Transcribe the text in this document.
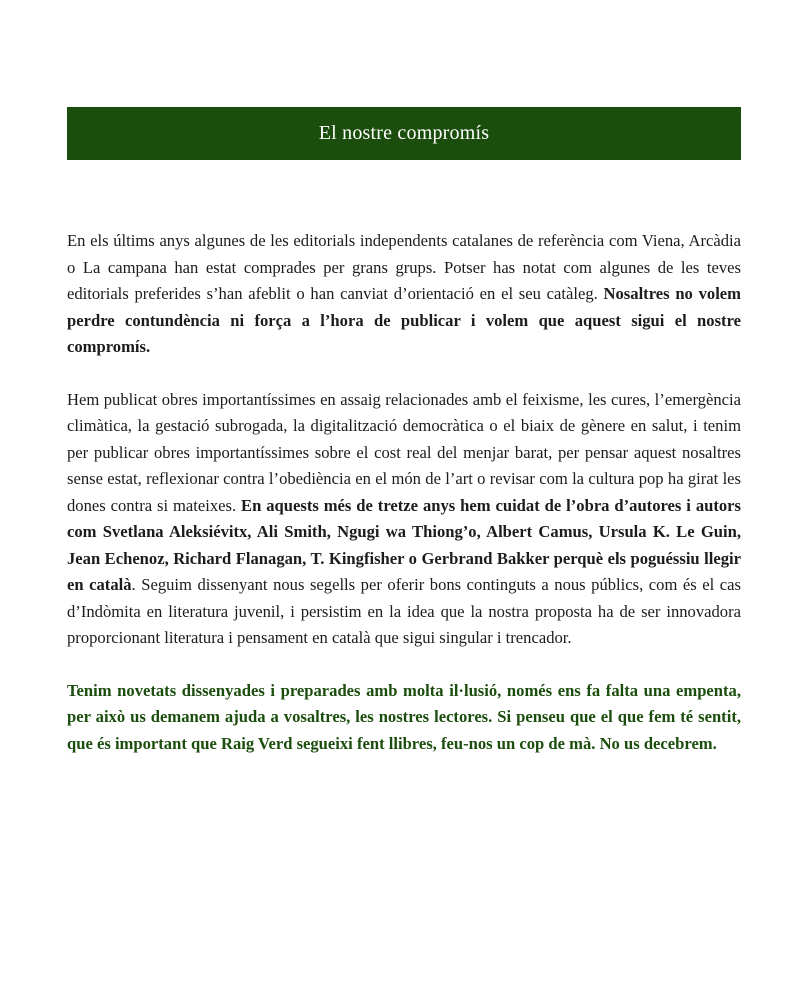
El nostre compromís

En els últims anys algunes de les editorials independents catalanes de referència com Viena, Arcàdia o La campana han estat comprades per grans grups. Potser has notat com algunes de les teves editorials preferides s’han afeblit o han canviat d’orientació en el seu catàleg. Nosaltres no volem perdre contundència ni força a l’hora de publicar i volem que aquest sigui el nostre compromís.

Hem publicat obres importantíssimes en assaig relacionades amb el feixisme, les cures, l’emergència climàtica, la gestació subrogada, la digitalització democràtica o el biaix de gènere en salut, i tenim per publicar obres importantíssimes sobre el cost real del menjar barat, per pensar aquest nosaltres sense estat, reflexionar contra l’obediència en el món de l’art o revisar com la cultura pop ha girat les dones contra si mateixes. En aquests més de tretze anys hem cuidat de l’obra d’autores i autors com Svetlana Aleksiévitx, Ali Smith, Ngugi wa Thiong’o, Albert Camus, Ursula K. Le Guin, Jean Echenoz, Richard Flanagan, T. Kingfisher o Gerbrand Bakker perquè els poguéssiu llegir en català. Seguim dissenyant nous segells per oferir bons continguts a nous públics, com és el cas d’Indòmita en literatura juvenil, i persistim en la idea que la nostra proposta ha de ser innovadora proporcionant literatura i pensament en català que sigui singular i trencador.

Tenim novetats dissenyades i preparades amb molta il·lusió, només ens fa falta una empenta, per això us demanem ajuda a vosaltres, les nostres lectores. Si penseu que el que fem té sentit, que és important que Raig Verd segueixi fent llibres, feu-nos un cop de mà. No us decebrem.
